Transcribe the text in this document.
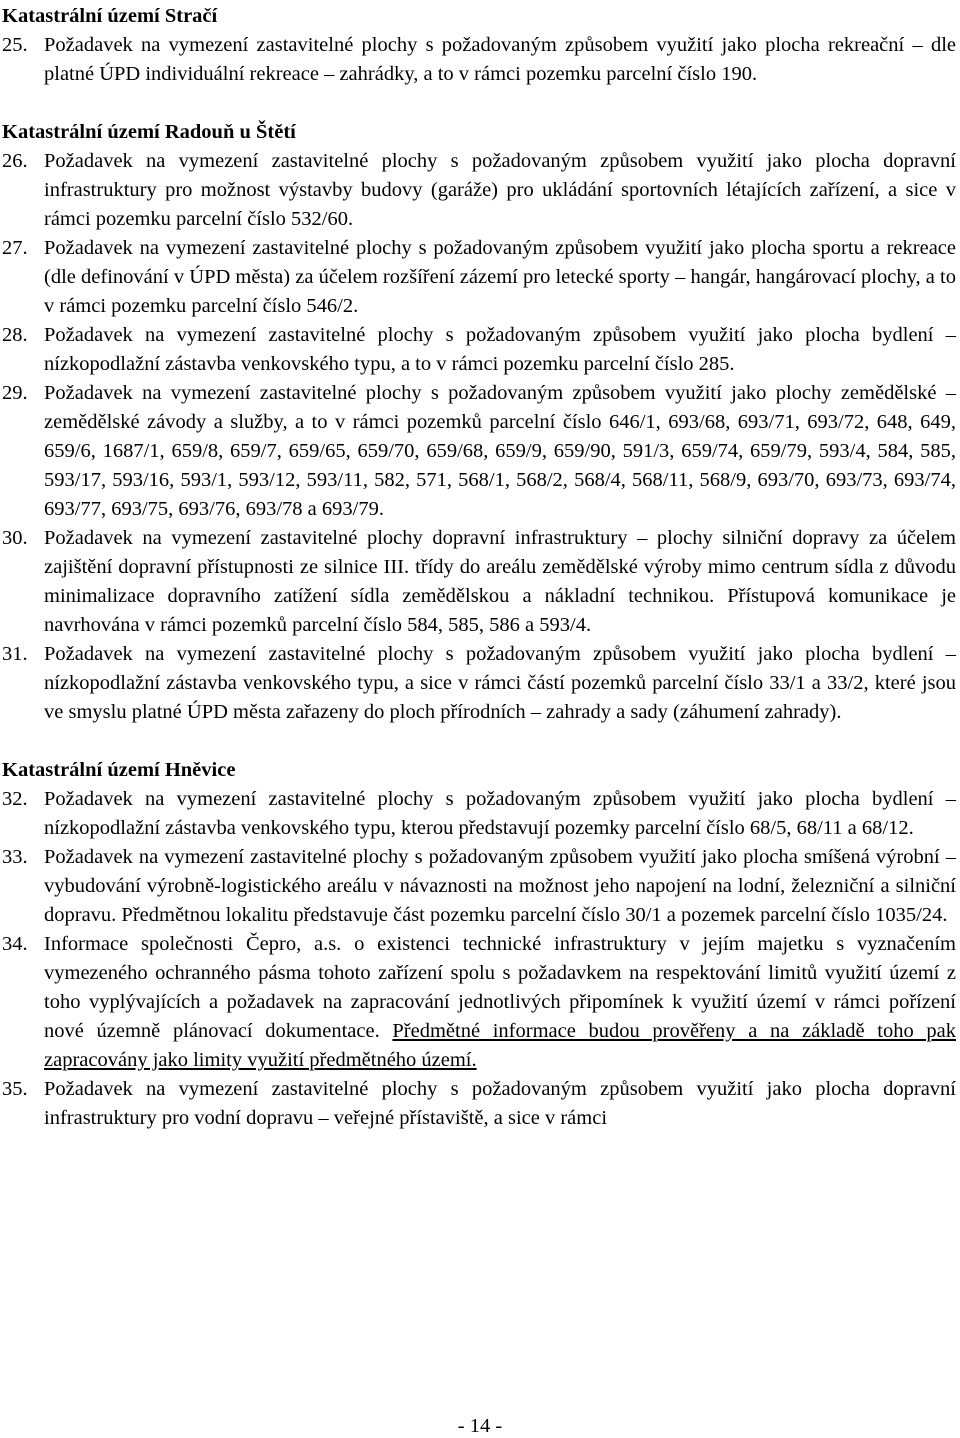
Katastrální území Stračí

25. Požadavek na vymezení zastavitelné plochy s požadovaným způsobem využití jako plocha rekreační – dle platné ÚPD individuální rekreace – zahrádky, a to v rámci pozemku parcelní číslo 190.

Katastrální území Radouň u Štětí

26. Požadavek na vymezení zastavitelné plochy s požadovaným způsobem využití jako plocha dopravní infrastruktury pro možnost výstavby budovy (garáže) pro ukládání sportovních létajících zařízení, a sice v rámci pozemku parcelní číslo 532/60.
27. Požadavek na vymezení zastavitelné plochy s požadovaným způsobem využití jako plocha sportu a rekreace (dle definování v ÚPD města) za účelem rozšíření zázemí pro letecké sporty – hangár, hangárovací plochy, a to v rámci pozemku parcelní číslo 546/2.
28. Požadavek na vymezení zastavitelné plochy s požadovaným způsobem využití jako plocha bydlení – nízkopodlažní zástavba venkovského typu, a to v rámci pozemku parcelní číslo 285.
29. Požadavek na vymezení zastavitelné plochy s požadovaným způsobem využití jako plochy zemědělské – zemědělské závody a služby, a to v rámci pozemků parcelní číslo 646/1, 693/68, 693/71, 693/72, 648, 649, 659/6, 1687/1, 659/8, 659/7, 659/65, 659/70, 659/68, 659/9, 659/90, 591/3, 659/74, 659/79, 593/4, 584, 585, 593/17, 593/16, 593/1, 593/12, 593/11, 582, 571, 568/1, 568/2, 568/4, 568/11, 568/9, 693/70, 693/73, 693/74, 693/77, 693/75, 693/76, 693/78 a 693/79.
30. Požadavek na vymezení zastavitelné plochy dopravní infrastruktury – plochy silniční dopravy za účelem zajištění dopravní přístupnosti ze silnice III. třídy do areálu zemědělské výroby mimo centrum sídla z důvodu minimalizace dopravního zatížení sídla zemědělskou a nákladní technikou. Přístupová komunikace je navrhována v rámci pozemků parcelní číslo 584, 585, 586 a 593/4.
31. Požadavek na vymezení zastavitelné plochy s požadovaným způsobem využití jako plocha bydlení – nízkopodlažní zástavba venkovského typu, a sice v rámci částí pozemků parcelní číslo 33/1 a 33/2, které jsou ve smyslu platné ÚPD města zařazeny do ploch přírodních – zahrady a sady (záhumení zahrady).

Katastrální území Hněvice

32. Požadavek na vymezení zastavitelné plochy s požadovaným způsobem využití jako plocha bydlení – nízkopodlažní zástavba venkovského typu, kterou představují pozemky parcelní číslo 68/5, 68/11 a 68/12.
33. Požadavek na vymezení zastavitelné plochy s požadovaným způsobem využití jako plocha smíšená výrobní – vybudování výrobně-logistického areálu v návaznosti na možnost jeho napojení na lodní, železniční a silniční dopravu. Předmětnou lokalitu představuje část pozemku parcelní číslo 30/1 a pozemek parcelní číslo 1035/24.
34. Informace společnosti Čepro, a.s. o existenci technické infrastruktury v jejím majetku s vyznačením vymezeného ochranného pásma tohoto zařízení spolu s požadavkem na respektování limitů využití území z toho vyplývajících a požadavek na zapracování jednotlivých připomínek k využití území v rámci pořízení nové územně plánovací dokumentace. Předmětné informace budou prověřeny a na základě toho pak zapracovány jako limity využití předmětného území.
35. Požadavek na vymezení zastavitelné plochy s požadovaným způsobem využití jako plocha dopravní infrastruktury pro vodní dopravu – veřejné přístaviště, a sice v rámci
- 14 -
